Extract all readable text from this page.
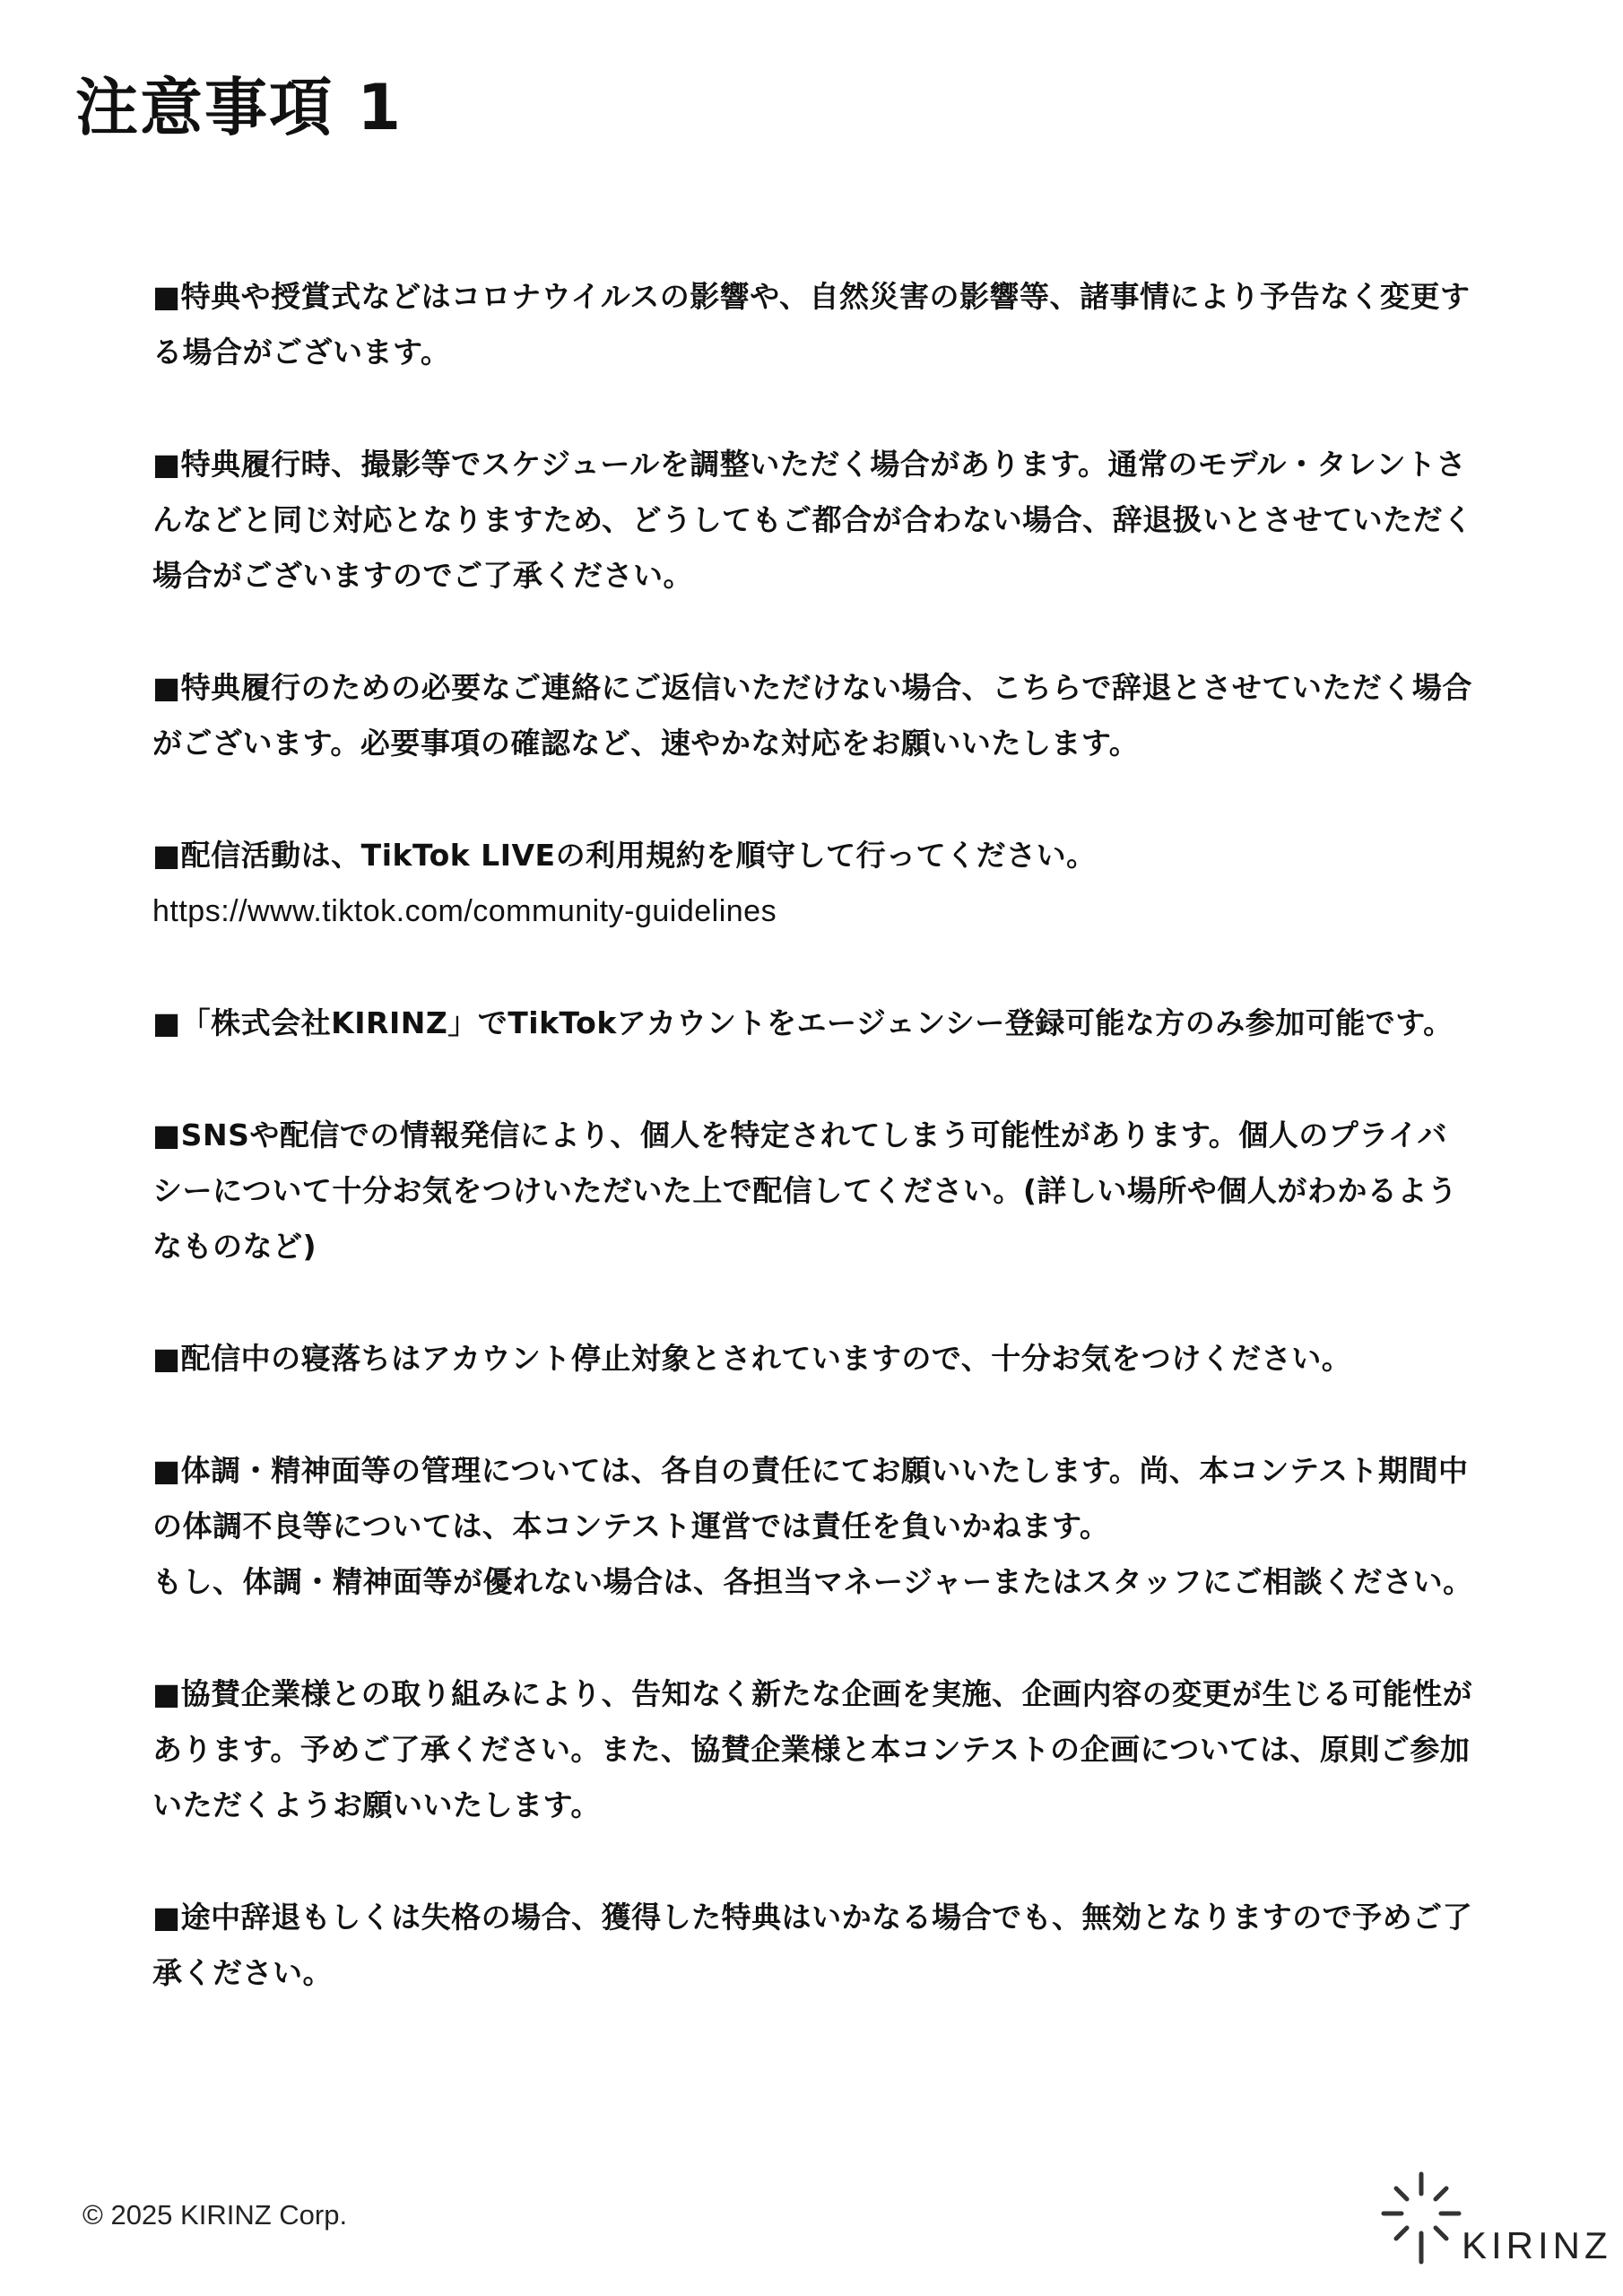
注意事項 1
■特典や授賞式などはコロナウイルスの影響や、自然災害の影響等、諸事情により予告なく変更す
る場合がございます。
■特典履行時、撮影等でスケジュールを調整いただく場合があります。通常のモデル・タレントさ
んなどと同じ対応となりますため、どうしてもご都合が合わない場合、辞退扱いとさせていただく
場合がございますのでご了承ください。
■特典履行のための必要なご連絡にご返信いただけない場合、こちらで辞退とさせていただく場合
がございます。必要事項の確認など、速やかな対応をお願いいたします。
■配信活動は、TikTok LIVEの利用規約を順守して行ってください。
https://www.tiktok.com/community-guidelines
■「株式会社KIRINZ」でTikTokアカウントをエージェンシー登録可能な方のみ参加可能です。
■SNSや配信での情報発信により、個人を特定されてしまう可能性があります。個人のプライバ
シーについて十分お気をつけいただいた上で配信してください。(詳しい場所や個人がわかるよう
なものなど)
■配信中の寝落ちはアカウント停止対象とされていますので、十分お気をつけください。
■体調・精神面等の管理については、各自の責任にてお願いいたします。尚、本コンテスト期間中
の体調不良等については、本コンテスト運営では責任を負いかねます。
もし、体調・精神面等が優れない場合は、各担当マネージャーまたはスタッフにご相談ください。
■協賛企業様との取り組みにより、告知なく新たな企画を実施、企画内容の変更が生じる可能性が
あります。予めご了承ください。また、協賛企業様と本コンテストの企画については、原則ご参加
いただくようお願いいたします。
■途中辞退もしくは失格の場合、獲得した特典はいかなる場合でも、無効となりますので予めご了
承ください。
© 2025 KIRINZ Corp.
KIRINZ
